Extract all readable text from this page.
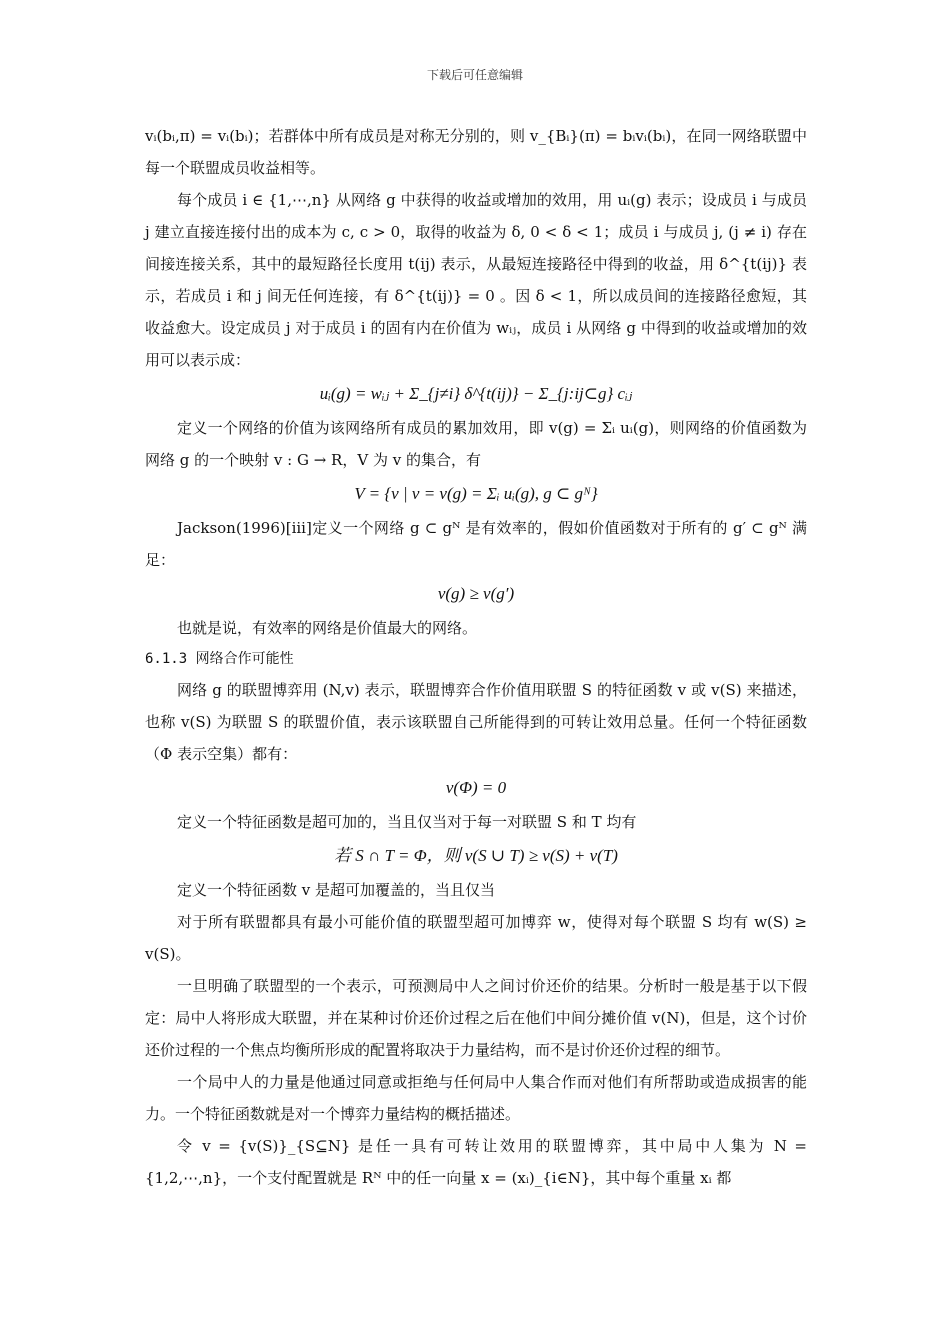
下载后可任意编辑

vᵢ(bᵢ,π) = vᵢ(bᵢ)；若群体中所有成员是对称无分别的，则 v_{Bᵢ}(π) = bᵢvᵢ(bᵢ)，在同一网络联盟中每一个联盟成员收益相等。

每个成员 i ∈ {1,⋯,n} 从网络 g 中获得的收益或增加的效用，用 uᵢ(g) 表示；设成员 i 与成员 j 建立直接连接付出的成本为 c, c > 0，取得的收益为 δ, 0 < δ < 1；成员 i 与成员 j, (j ≠ i) 存在间接连接关系，其中的最短路径长度用 t(ij) 表示，从最短连接路径中得到的收益，用 δ^{t(ij)} 表示，若成员 i 和 j 间无任何连接，有 δ^{t(ij)} = 0 。因 δ < 1，所以成员间的连接路径愈短，其收益愈大。设定成员 j 对于成员 i 的固有内在价值为 wᵢⱼ，成员 i 从网络 g 中得到的收益或增加的效用可以表示成：

uᵢ(g) = wᵢⱼ + Σ_{j≠i} δ^{t(ij)} − Σ_{j:ij⊂g} cᵢⱼ

定义一个网络的价值为该网络所有成员的累加效用，即 v(g) = Σᵢ uᵢ(g)，则网络的价值函数为网络 g 的一个映射 v : G → R，V 为 v 的集合，有

V = {v | v = v(g) = Σᵢ uᵢ(g), g ⊂ gᴺ}

Jackson(1996)[iii]定义一个网络 g ⊂ gᴺ 是有效率的，假如价值函数对于所有的 g′ ⊂ gᴺ 满足：

v(g) ≥ v(g′)

也就是说，有效率的网络是价值最大的网络。

6.1.3 网络合作可能性

网络 g 的联盟博弈用 (N,v) 表示，联盟博弈合作价值用联盟 S 的特征函数 v 或 v(S) 来描述，也称 v(S) 为联盟 S 的联盟价值，表示该联盟自己所能得到的可转让效用总量。任何一个特征函数（Φ 表示空集）都有：

v(Φ) = 0

定义一个特征函数是超可加的，当且仅当对于每一对联盟 S 和 T 均有

若 S ∩ T = Φ，则 v(S ∪ T) ≥ v(S) + v(T)

定义一个特征函数 v 是超可加覆盖的，当且仅当

对于所有联盟都具有最小可能价值的联盟型超可加博弈 w，使得对每个联盟 S 均有 w(S) ≥ v(S)。

一旦明确了联盟型的一个表示，可预测局中人之间讨价还价的结果。分析时一般是基于以下假定：局中人将形成大联盟，并在某种讨价还价过程之后在他们中间分摊价值 v(N)，但是，这个讨价还价过程的一个焦点均衡所形成的配置将取决于力量结构，而不是讨价还价过程的细节。

一个局中人的力量是他通过同意或拒绝与任何局中人集合作而对他们有所帮助或造成损害的能力。一个特征函数就是对一个博弈力量结构的概括描述。

令 v = {v(S)}_{S⊆N} 是任一具有可转让效用的联盟博弈，其中局中人集为 N = {1,2,⋯,n}，一个支付配置就是 Rᴺ 中的任一向量 x = (xᵢ)_{i∈N}，其中每个重量 xᵢ 都
